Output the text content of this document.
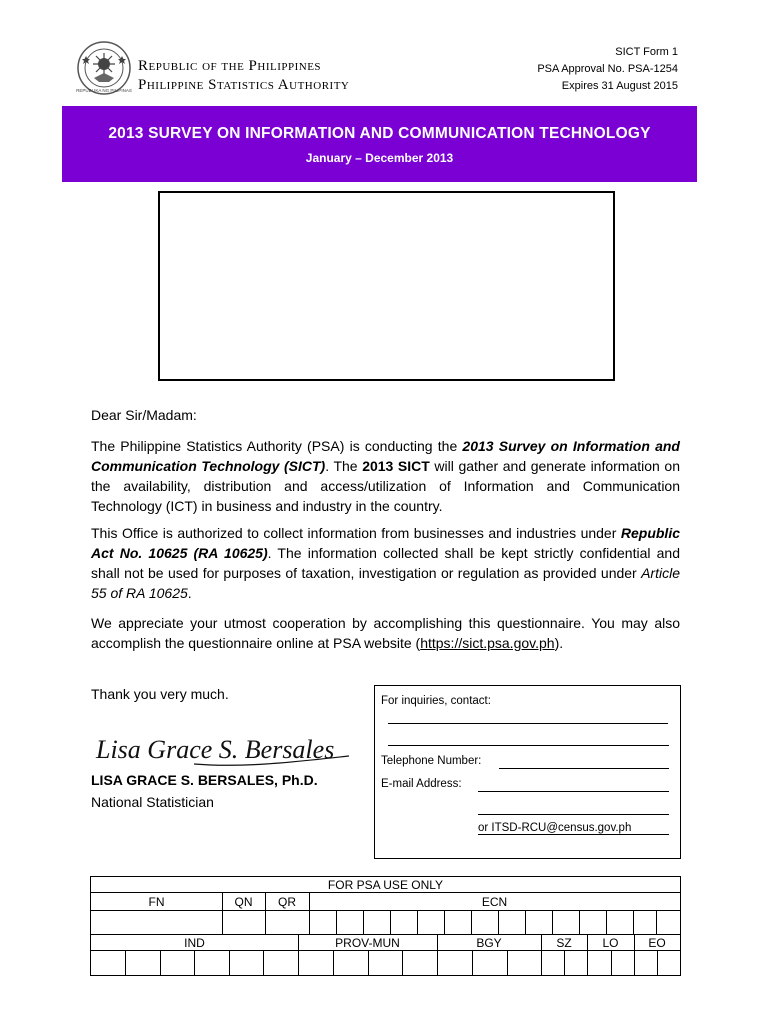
REPUBLIKA NG PILIPINAS
Republic of the Philippines
Philippine Statistics Authority
SICT Form 1
PSA Approval No. PSA-1254
Expires 31 August 2015
2013 SURVEY ON INFORMATION AND COMMUNICATION TECHNOLOGY
January – December 2013
Dear Sir/Madam:
The Philippine Statistics Authority (PSA) is conducting the 2013 Survey on Information and Communication Technology (SICT). The 2013 SICT will gather and generate information on the availability, distribution and access/utilization of Information and Communication Technology (ICT) in business and industry in the country.
This Office is authorized to collect information from businesses and industries under Republic Act No. 10625 (RA 10625). The information collected shall be kept strictly confidential and shall not be used for purposes of taxation, investigation or regulation as provided under Article 55 of RA 10625.
We appreciate your utmost cooperation by accomplishing this questionnaire. You may also accomplish the questionnaire online at PSA website (https://sict.psa.gov.ph).
Thank you very much.
Lisa Grace S. Bersales
LISA GRACE S. BERSALES, Ph.D.
National Statistician
For inquiries, contact:
Telephone Number:
E-mail Address:
or ITSD-RCU@census.gov.ph
FOR PSA USE ONLY
FN	QN	QR	ECN
IND	PROV-MUN	BGY	SZ	LO	EO
